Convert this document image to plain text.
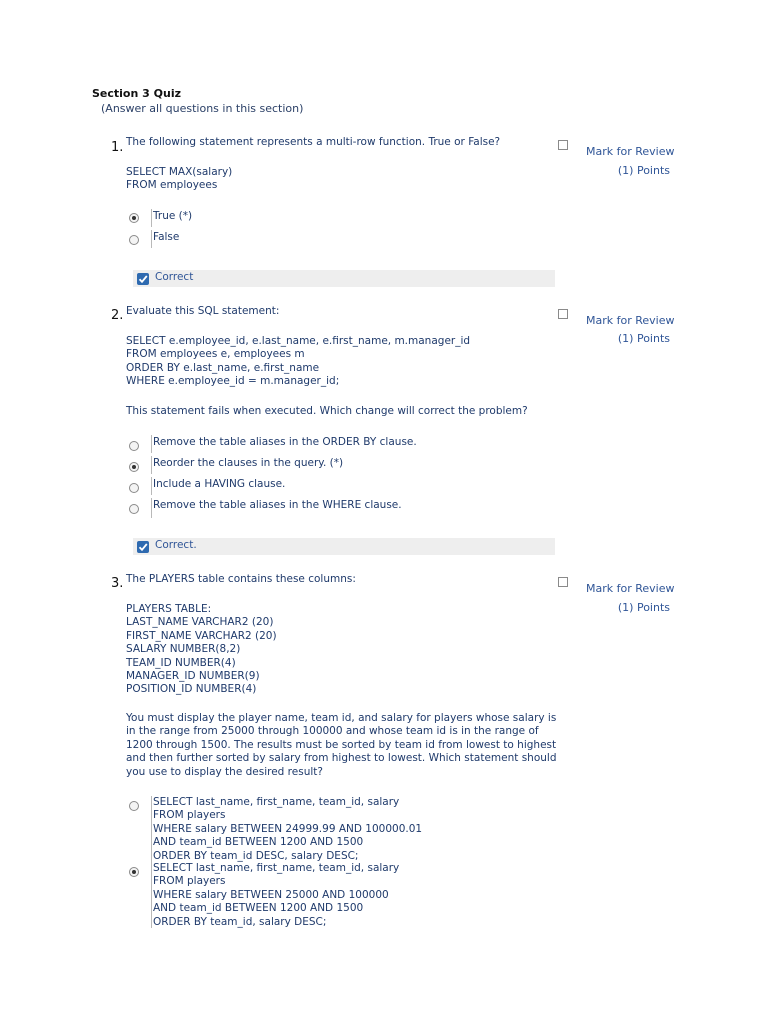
Section 3 Quiz
(Answer all questions in this section)
1. The following statement represents a multi-row function. True or False?
SELECT MAX(salary)
FROM employees
True (*)
False
Correct
Mark for Review
(1) Points
2. Evaluate this SQL statement:
SELECT e.employee_id, e.last_name, e.first_name, m.manager_id
FROM employees e, employees m
ORDER BY e.last_name, e.first_name
WHERE e.employee_id = m.manager_id;
This statement fails when executed. Which change will correct the problem?
Remove the table aliases in the ORDER BY clause.
Reorder the clauses in the query. (*)
Include a HAVING clause.
Remove the table aliases in the WHERE clause.
Correct.
Mark for Review
(1) Points
3. The PLAYERS table contains these columns:
PLAYERS TABLE:
LAST_NAME VARCHAR2 (20)
FIRST_NAME VARCHAR2 (20)
SALARY NUMBER(8,2)
TEAM_ID NUMBER(4)
MANAGER_ID NUMBER(9)
POSITION_ID NUMBER(4)
You must display the player name, team id, and salary for players whose salary is
in the range from 25000 through 100000 and whose team id is in the range of
1200 through 1500. The results must be sorted by team id from lowest to highest
and then further sorted by salary from highest to lowest. Which statement should
you use to display the desired result?
SELECT last_name, first_name, team_id, salary
FROM players
WHERE salary BETWEEN 24999.99 AND 100000.01
AND team_id BETWEEN 1200 AND 1500
ORDER BY team_id DESC, salary DESC;
SELECT last_name, first_name, team_id, salary
FROM players
WHERE salary BETWEEN 25000 AND 100000
AND team_id BETWEEN 1200 AND 1500
ORDER BY team_id, salary DESC;
Mark for Review
(1) Points
